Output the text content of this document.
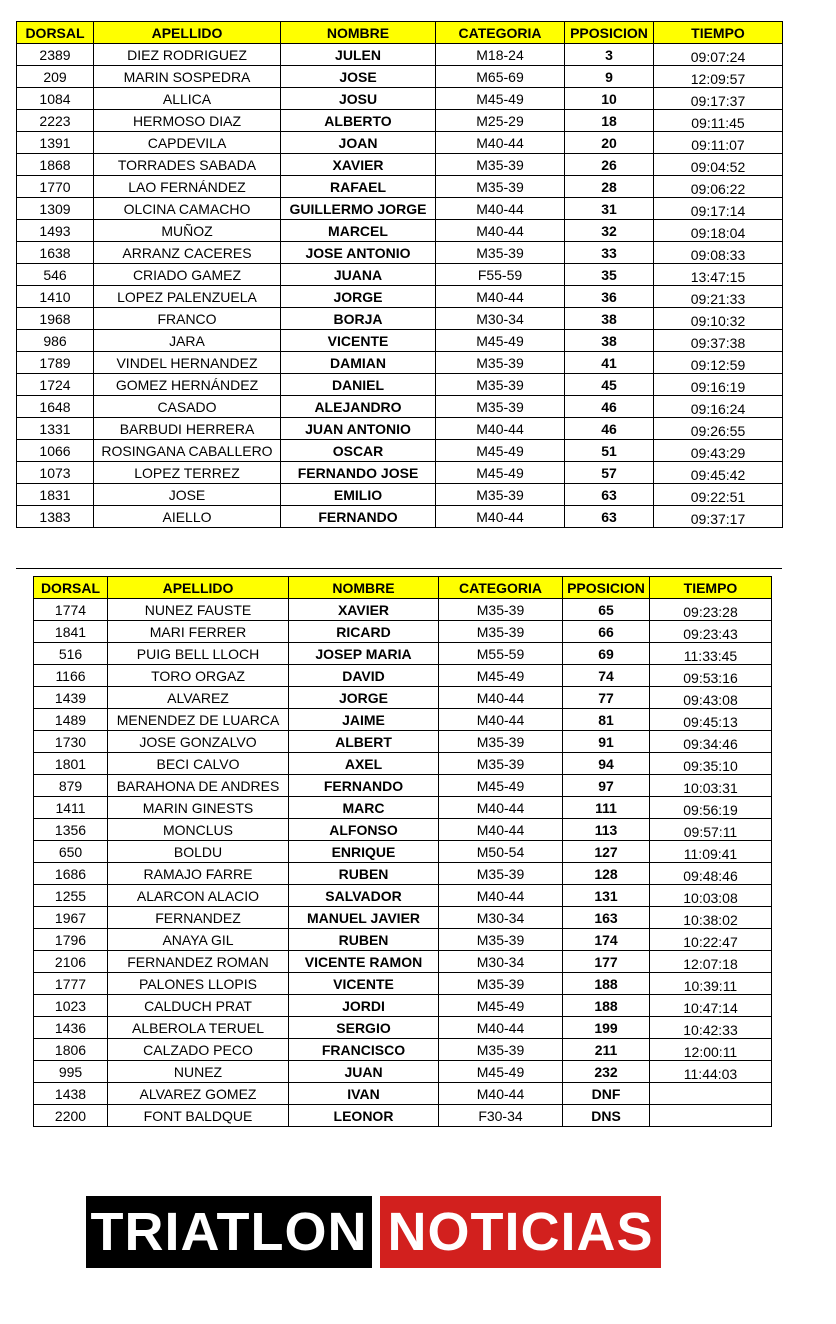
DORSAL	APELLIDO	NOMBRE	CATEGORIA	PPOSICION	TIEMPO
2389	DIEZ RODRIGUEZ	JULEN	M18-24	3	09:07:24
209	MARIN SOSPEDRA	JOSE	M65-69	9	12:09:57
1084	ALLICA	JOSU	M45-49	10	09:17:37
2223	HERMOSO DIAZ	ALBERTO	M25-29	18	09:11:45
1391	CAPDEVILA	JOAN	M40-44	20	09:11:07
1868	TORRADES SABADA	XAVIER	M35-39	26	09:04:52
1770	LAO FERNÁNDEZ	RAFAEL	M35-39	28	09:06:22
1309	OLCINA CAMACHO	GUILLERMO JORGE	M40-44	31	09:17:14
1493	MUÑOZ	MARCEL	M40-44	32	09:18:04
1638	ARRANZ CACERES	JOSE ANTONIO	M35-39	33	09:08:33
546	CRIADO GAMEZ	JUANA	F55-59	35	13:47:15
1410	LOPEZ PALENZUELA	JORGE	M40-44	36	09:21:33
1968	FRANCO	BORJA	M30-34	38	09:10:32
986	JARA	VICENTE	M45-49	38	09:37:38
1789	VINDEL HERNANDEZ	DAMIAN	M35-39	41	09:12:59
1724	GOMEZ HERNÁNDEZ	DANIEL	M35-39	45	09:16:19
1648	CASADO	ALEJANDRO	M35-39	46	09:16:24
1331	BARBUDI HERRERA	JUAN ANTONIO	M40-44	46	09:26:55
1066	ROSINGANA CABALLERO	OSCAR	M45-49	51	09:43:29
1073	LOPEZ TERREZ	FERNANDO JOSE	M45-49	57	09:45:42
1831	JOSE	EMILIO	M35-39	63	09:22:51
1383	AIELLO	FERNANDO	M40-44	63	09:37:17
DORSAL	APELLIDO	NOMBRE	CATEGORIA	PPOSICION	TIEMPO
1774	NUNEZ FAUSTE	XAVIER	M35-39	65	09:23:28
1841	MARI FERRER	RICARD	M35-39	66	09:23:43
516	PUIG BELL LLOCH	JOSEP MARIA	M55-59	69	11:33:45
1166	TORO ORGAZ	DAVID	M45-49	74	09:53:16
1439	ALVAREZ	JORGE	M40-44	77	09:43:08
1489	MENENDEZ DE LUARCA	JAIME	M40-44	81	09:45:13
1730	JOSE GONZALVO	ALBERT	M35-39	91	09:34:46
1801	BECI CALVO	AXEL	M35-39	94	09:35:10
879	BARAHONA DE ANDRES	FERNANDO	M45-49	97	10:03:31
1411	MARIN GINESTS	MARC	M40-44	111	09:56:19
1356	MONCLUS	ALFONSO	M40-44	113	09:57:11
650	BOLDU	ENRIQUE	M50-54	127	11:09:41
1686	RAMAJO FARRE	RUBEN	M35-39	128	09:48:46
1255	ALARCON ALACIO	SALVADOR	M40-44	131	10:03:08
1967	FERNANDEZ	MANUEL JAVIER	M30-34	163	10:38:02
1796	ANAYA GIL	RUBEN	M35-39	174	10:22:47
2106	FERNANDEZ ROMAN	VICENTE RAMON	M30-34	177	12:07:18
1777	PALONES LLOPIS	VICENTE	M35-39	188	10:39:11
1023	CALDUCH PRAT	JORDI	M45-49	188	10:47:14
1436	ALBEROLA TERUEL	SERGIO	M40-44	199	10:42:33
1806	CALZADO PECO	FRANCISCO	M35-39	211	12:00:11
995	NUNEZ	JUAN	M45-49	232	11:44:03
1438	ALVAREZ GOMEZ	IVAN	M40-44	DNF	
2200	FONT BALDQUE	LEONOR	F30-34	DNS	
TRIATLON NOTICIAS
